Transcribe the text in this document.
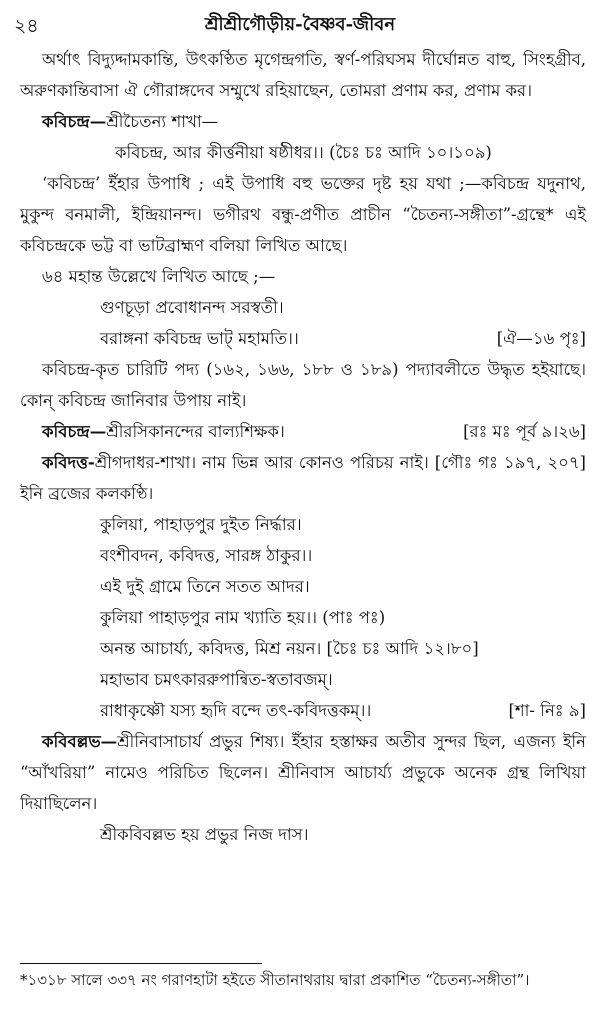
২৪	শ্রীশ্রীগৌড়ীয়-বৈষ্ণব-জীবন

অর্থাৎ বিদ্যুদ্দামকান্তি, উৎকণ্ঠিত মৃগেন্দ্রগতি, স্বর্ণ-পরিঘসম দীর্ঘোন্নত বাহু, সিংহগ্রীব, অরুণকান্তিবাসা ঐ গৌরাঙ্গদেব সম্মুখে রহিয়াছেন, তোমরা প্রণাম কর, প্রণাম কর।

কবিচন্দ্র—শ্রীচৈতন্য শাখা—

কবিচন্দ্র, আর কীর্ত্তনীয়া ষষ্ঠীধর।। (চৈঃ চঃ আদি ১০।১০৯)

‘কবিচন্দ্র’ ইঁহার উপাধি ; এই উপাধি বহু ভক্তের দৃষ্ট হয় যথা ;—কবিচন্দ্র যদুনাথ, মুকুন্দ বনমালী, ইন্দ্রিয়ানন্দ। ভগীরথ বন্ধু-প্রণীত প্রাচীন “চৈতন্য-সঙ্গীতা”-গ্রন্থে* এই কবিচন্দ্রকে ভট্ট বা ভাটব্রাহ্মণ বলিয়া লিখিত আছে।

৬৪ মহান্ত উল্লেখে লিখিত আছে ;—

গুণচূড়া প্রবোধানন্দ সরস্বতী।

বরাঙ্গনা কবিচন্দ্র ভাট্‌ মহামতি।।	[ঐ—১৬ পৃঃ]

কবিচন্দ্র-কৃত চারিটি পদ্য (১৬২, ১৬৬, ১৮৮ ও ১৮৯) পদ্যাবলীতে উদ্ধৃত হইয়াছে। কোন্‌ কবিচন্দ্র জানিবার উপায় নাই।

কবিচন্দ্র—শ্রীরসিকানন্দের বাল্যশিক্ষক।	[রঃ মঃ পূর্ব ৯।২৬]

কবিদত্ত-শ্রীগদাধর-শাখা। নাম ভিন্ন আর কোনও পরিচয় নাই। [গৌঃ গঃ ১৯৭, ২০৭] ইনি ব্রজের কলকণ্ঠি।

কুলিয়া, পাহাড়পুর দুইত নির্দ্ধার।

বংশীবদন, কবিদত্ত, সারঙ্গ ঠাকুর।।

এই দুই গ্রামে তিনে সতত আদর।

কুলিয়া পাহাড়পুর নাম খ্যাতি হয়।। (পাঃ পঃ)

অনন্ত আচার্য্য, কবিদত্ত, মিশ্র নয়ন। [চৈঃ চঃ আদি ১২।৮০]

মহাভাব চমৎকাররুপান্বিত-স্বতাবজম্‌।

রাধাকৃষ্ণৌ যস্য হৃদি বন্দে তৎ-কবিদত্তকম্‌।।	[শা- নিঃ ৯]

কবিবল্লভ—শ্রীনিবাসাচার্য প্রভুর শিষ্য। ইঁহার হস্তাক্ষর অতীব সুন্দর ছিল, এজন্য ইনি “আঁখরিয়া” নামেও পরিচিত ছিলেন। শ্রীনিবাস আচার্য্য প্রভুকে অনেক গ্রন্থ লিখিয়া দিয়াছিলেন।

শ্রীকবিবল্লভ হয় প্রভুর নিজ দাস।

*১৩১৮ সালে ৩৩৭ নং গরাণহাটা হইতে সীতানাথরায় দ্বারা প্রকাশিত “চৈতন্য-সঙ্গীতা”।
